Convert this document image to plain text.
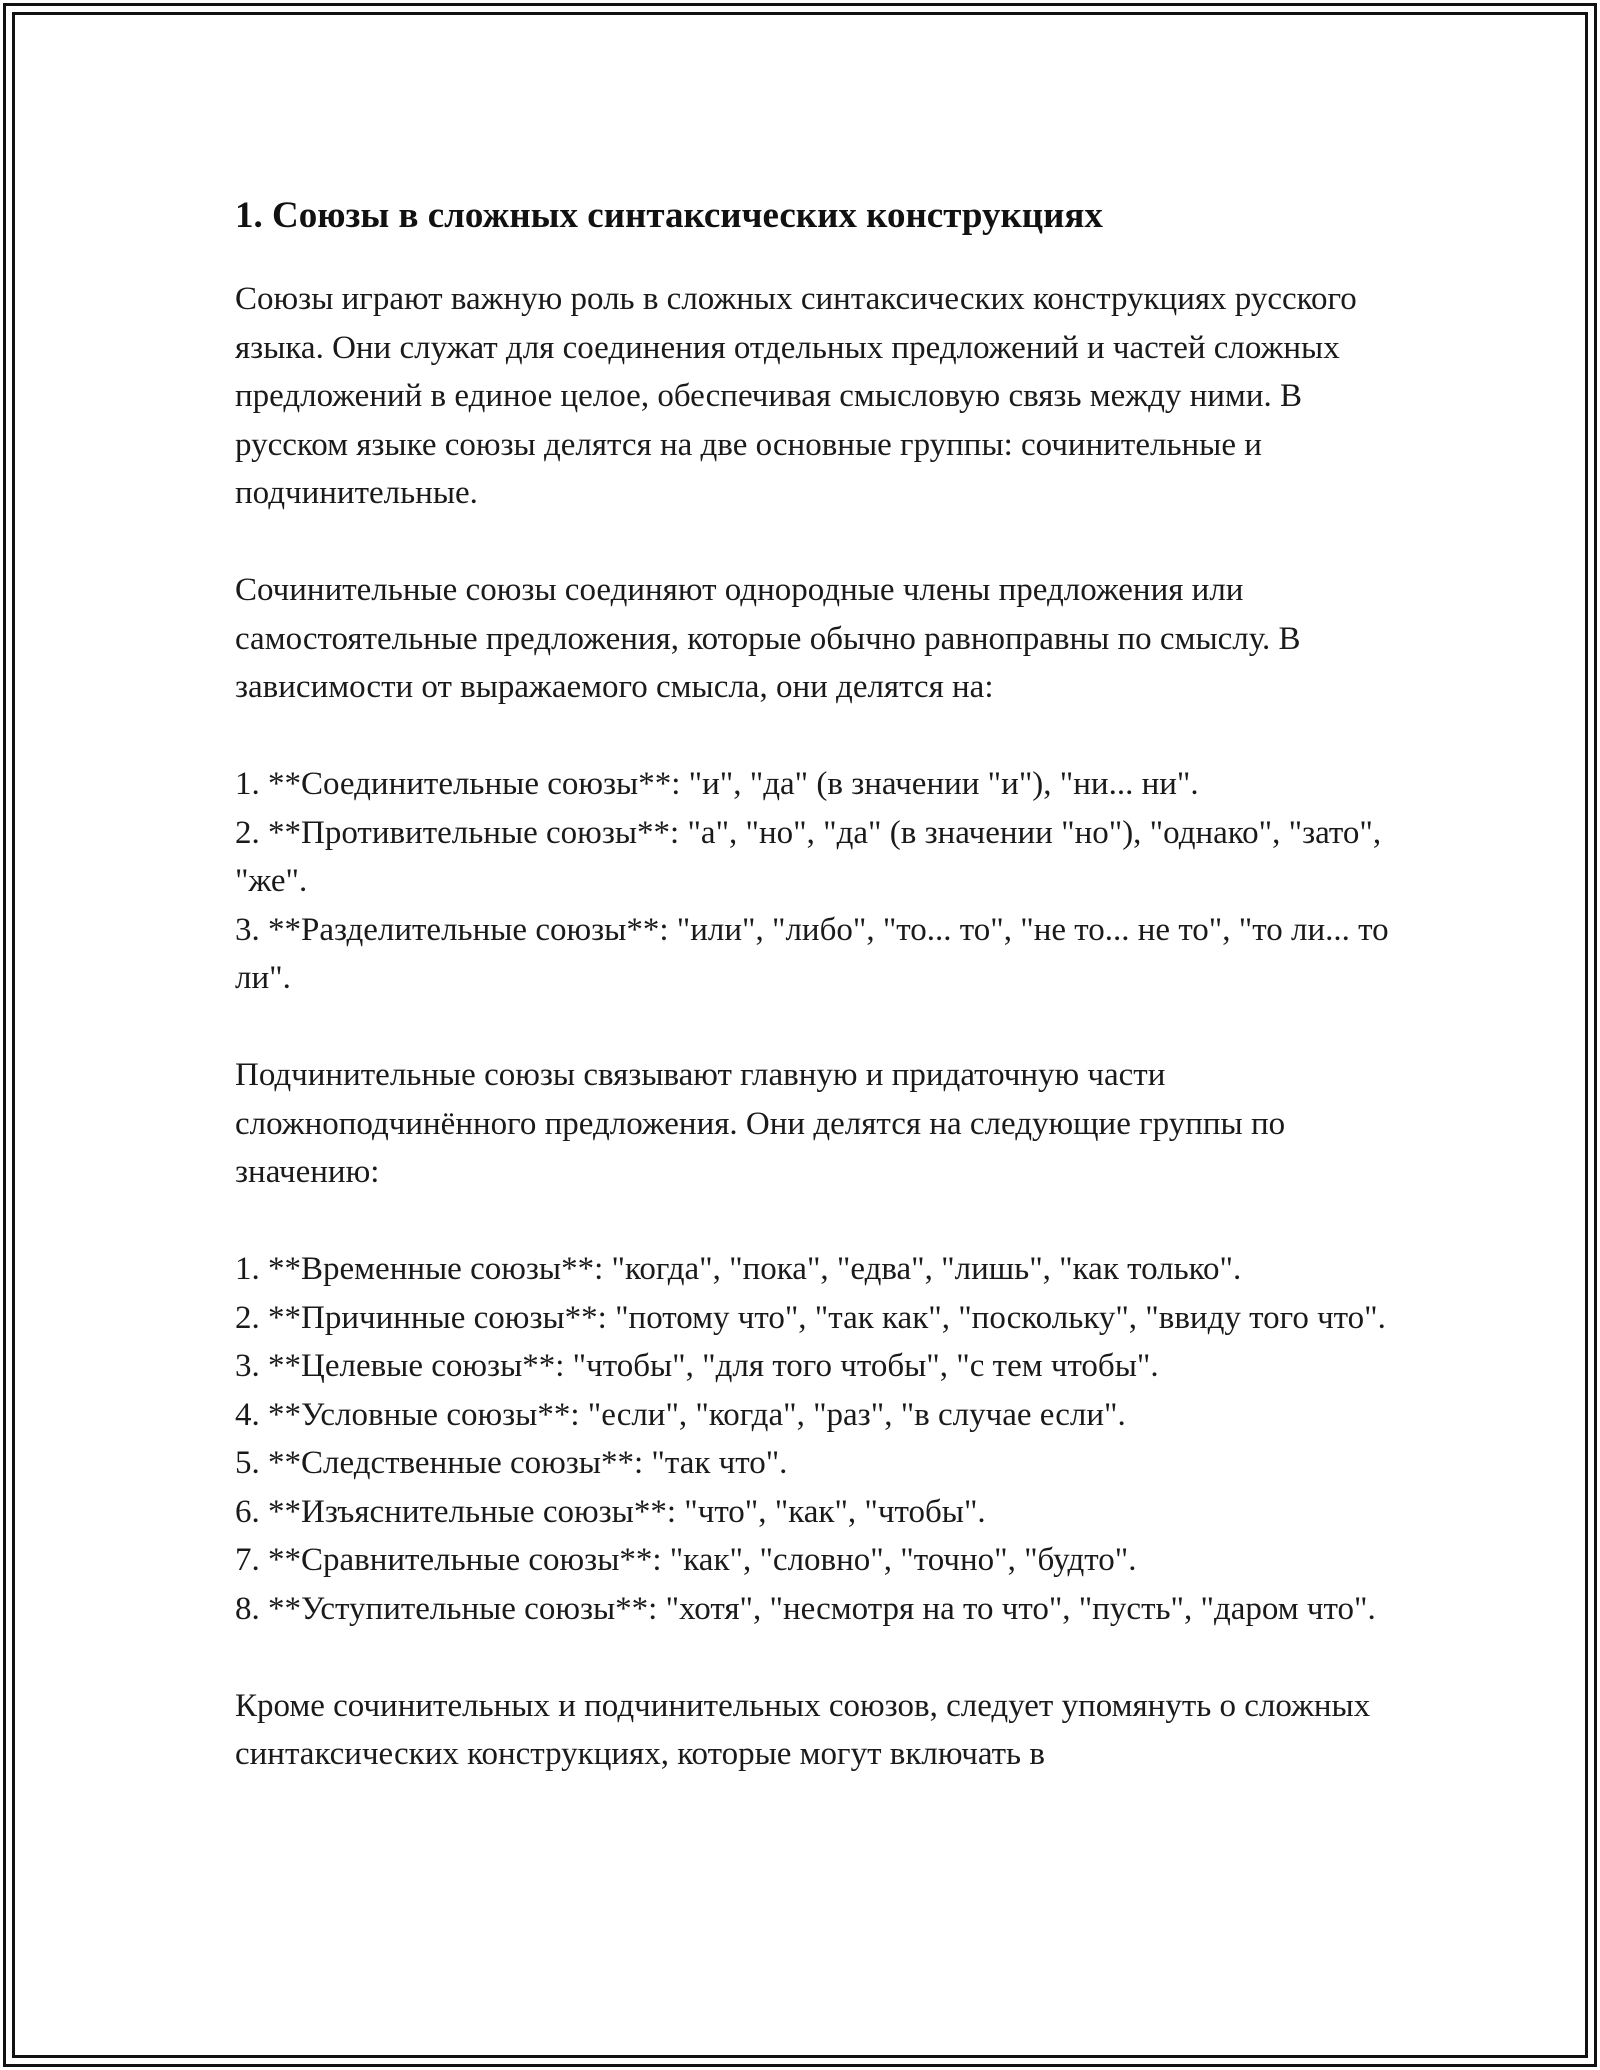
1. Союзы в сложных синтаксических конструкциях

Союзы играют важную роль в сложных синтаксических конструкциях русского языка. Они служат для соединения отдельных предложений и частей сложных предложений в единое целое, обеспечивая смысловую связь между ними. В русском языке союзы делятся на две основные группы: сочинительные и подчинительные.

Сочинительные союзы соединяют однородные члены предложения или самостоятельные предложения, которые обычно равноправны по смыслу. В зависимости от выражаемого смысла, они делятся на:

1. **Соединительные союзы**: "и", "да" (в значении "и"), "ни... ни".
2. **Противительные союзы**: "а", "но", "да" (в значении "но"), "однако", "зато", "же".
3. **Разделительные союзы**: "или", "либо", "то... то", "не то... не то", "то ли... то ли".

Подчинительные союзы связывают главную и придаточную части сложноподчинённого предложения. Они делятся на следующие группы по значению:

1. **Временные союзы**: "когда", "пока", "едва", "лишь", "как только".
2. **Причинные союзы**: "потому что", "так как", "поскольку", "ввиду того что".
3. **Целевые союзы**: "чтобы", "для того чтобы", "с тем чтобы".
4. **Условные союзы**: "если", "когда", "раз", "в случае если".
5. **Следственные союзы**: "так что".
6. **Изъяснительные союзы**: "что", "как", "чтобы".
7. **Сравнительные союзы**: "как", "словно", "точно", "будто".
8. **Уступительные союзы**: "хотя", "несмотря на то что", "пусть", "даром что".

Кроме сочинительных и подчинительных союзов, следует упомянуть о сложных синтаксических конструкциях, которые могут включать в
